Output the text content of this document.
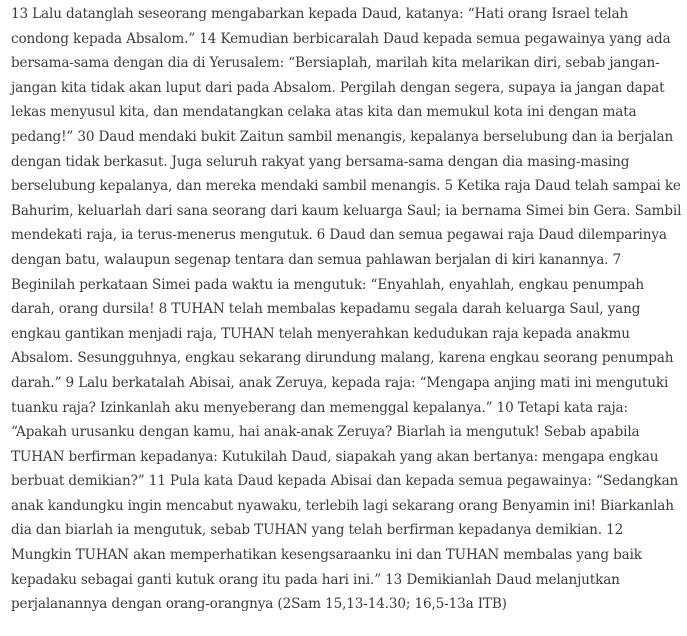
13 Lalu datanglah seseorang mengabarkan kepada Daud, katanya: “Hati orang Israel telah
condong kepada Absalom.” 14 Kemudian berbicaralah Daud kepada semua pegawainya yang ada
bersama-sama dengan dia di Yerusalem: “Bersiaplah, marilah kita melarikan diri, sebab jangan-
jangan kita tidak akan luput dari pada Absalom. Pergilah dengan segera, supaya ia jangan dapat
lekas menyusul kita, dan mendatangkan celaka atas kita dan memukul kota ini dengan mata
pedang!” 30 Daud mendaki bukit Zaitun sambil menangis, kepalanya berselubung dan ia berjalan
dengan tidak berkasut. Juga seluruh rakyat yang bersama-sama dengan dia masing-masing
berselubung kepalanya, dan mereka mendaki sambil menangis. 5 Ketika raja Daud telah sampai ke
Bahurim, keluarlah dari sana seorang dari kaum keluarga Saul; ia bernama Simei bin Gera. Sambil
mendekati raja, ia terus-menerus mengutuk. 6 Daud dan semua pegawai raja Daud dilemparinya
dengan batu, walaupun segenap tentara dan semua pahlawan berjalan di kiri kanannya. 7
Beginilah perkataan Simei pada waktu ia mengutuk: “Enyahlah, enyahlah, engkau penumpah
darah, orang dursila! 8 TUHAN telah membalas kepadamu segala darah keluarga Saul, yang
engkau gantikan menjadi raja, TUHAN telah menyerahkan kedudukan raja kepada anakmu
Absalom. Sesungguhnya, engkau sekarang dirundung malang, karena engkau seorang penumpah
darah.” 9 Lalu berkatalah Abisai, anak Zeruya, kepada raja: “Mengapa anjing mati ini mengutuki
tuanku raja? Izinkanlah aku menyeberang dan memenggal kepalanya.” 10 Tetapi kata raja:
“Apakah urusanku dengan kamu, hai anak-anak Zeruya? Biarlah ia mengutuk! Sebab apabila
TUHAN berfirman kepadanya: Kutukilah Daud, siapakah yang akan bertanya: mengapa engkau
berbuat demikian?” 11 Pula kata Daud kepada Abisai dan kepada semua pegawainya: “Sedangkan
anak kandungku ingin mencabut nyawaku, terlebih lagi sekarang orang Benyamin ini! Biarkanlah
dia dan biarlah ia mengutuk, sebab TUHAN yang telah berfirman kepadanya demikian. 12
Mungkin TUHAN akan memperhatikan kesengsaraanku ini dan TUHAN membalas yang baik
kepadaku sebagai ganti kutuk orang itu pada hari ini.” 13 Demikianlah Daud melanjutkan
perjalanannya dengan orang-orangnya (2Sam 15,13-14.30; 16,5-13a ITB)
